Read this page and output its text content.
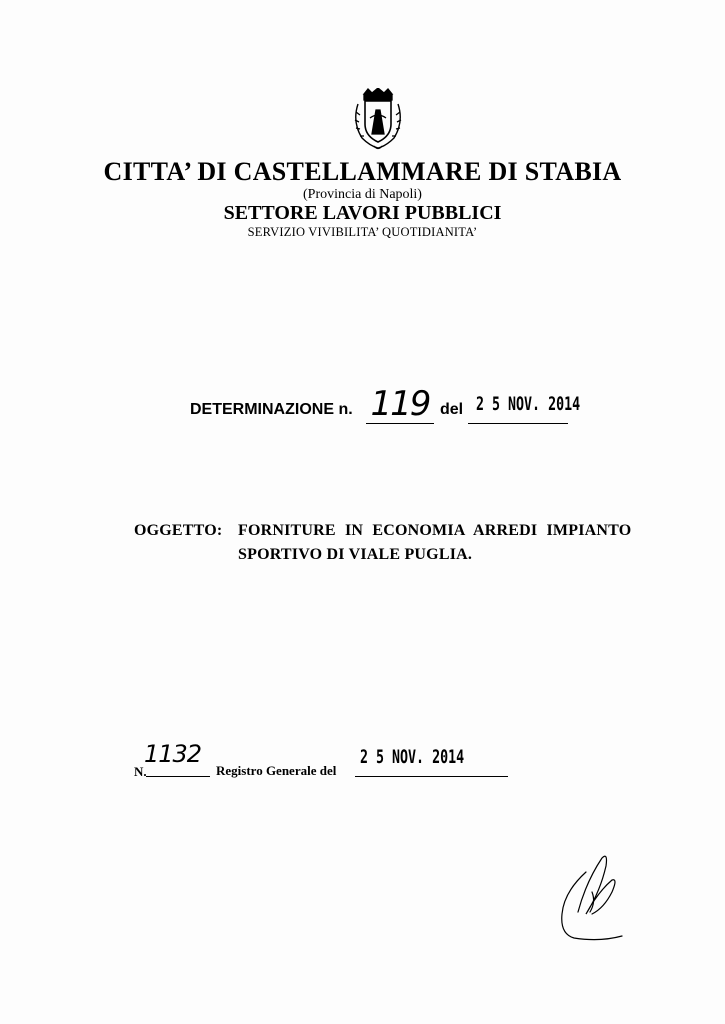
CITTA’ DI CASTELLAMMARE DI STABIA
(Provincia di Napoli)
SETTORE LAVORI PUBBLICI
SERVIZIO VIVIBILITA’ QUOTIDIANITA’
DETERMINAZIONE n. 119 del 2 5 NOV. 2014
OGGETTO: FORNITURE IN ECONOMIA ARREDI IMPIANTO
SPORTIVO DI VIALE PUGLIA.
N.
1132
Registro Generale del
2 5 NOV. 2014
